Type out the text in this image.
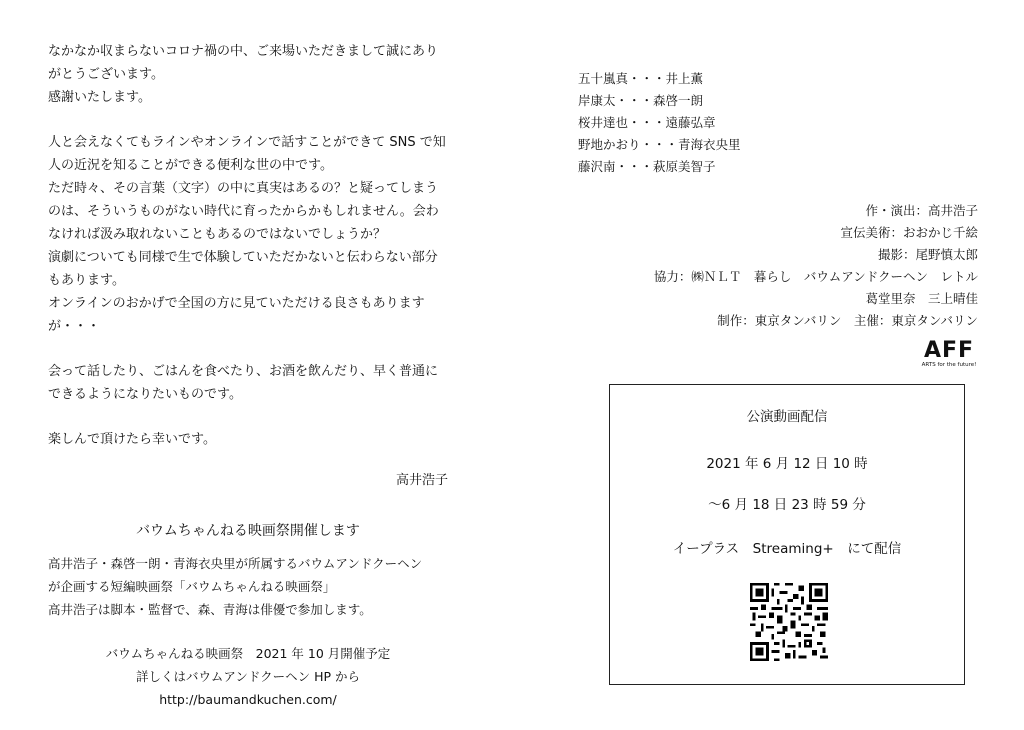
なかなか収まらないコロナ禍の中、ご来場いただきまして誠にあり

がとうございます。

感謝いたします。

人と会えなくてもラインやオンラインで話すことができて SNS で知

人の近況を知ることができる便利な世の中です。

ただ時々、その言葉（文字）の中に真実はあるの？と疑ってしまう

のは、そういうものがない時代に育ったからかもしれません。会わ

なければ汲み取れないこともあるのではないでしょうか？

演劇についても同様で生で体験していただかないと伝わらない部分

もあります。

オンラインのおかげで全国の方に見ていただける良さもあります

が・・・

会って話したり、ごはんを食べたり、お酒を飲んだり、早く普通に

できるようになりたいものです。

楽しんで頂けたら幸いです。

高井浩子
バウムちゃんねる映画祭開催します

高井浩子・森啓一朗・青海衣央里が所属するバウムアンドクーヘン

が企画する短編映画祭「バウムちゃんねる映画祭」

高井浩子は脚本・監督で、森、青海は俳優で参加します。

バウムちゃんねる映画祭　2021 年 10 月開催予定

詳しくはバウムアンドクーヘン HP から　http://baumandkuchen.com/

五十嵐真・・・井上薫

岸康太・・・森啓一朗

桜井達也・・・遠藤弘章

野地かおり・・・青海衣央里

藤沢南・・・萩原美智子

作・演出：高井浩子

宣伝美術：おおかじ千絵

撮影：尾野慎太郎

協力：㈱ＮＬＴ　暮らし　バウムアンドクーヘン　レトル

葛堂里奈　三上晴佳

制作：東京タンバリン　主催：東京タンバリン

AFF
ARTS for the future!
公演動画配信
2021 年 6 月 12 日 10 時
～6 月 18 日 23 時 59 分
イープラス　Streaming+　にて配信
